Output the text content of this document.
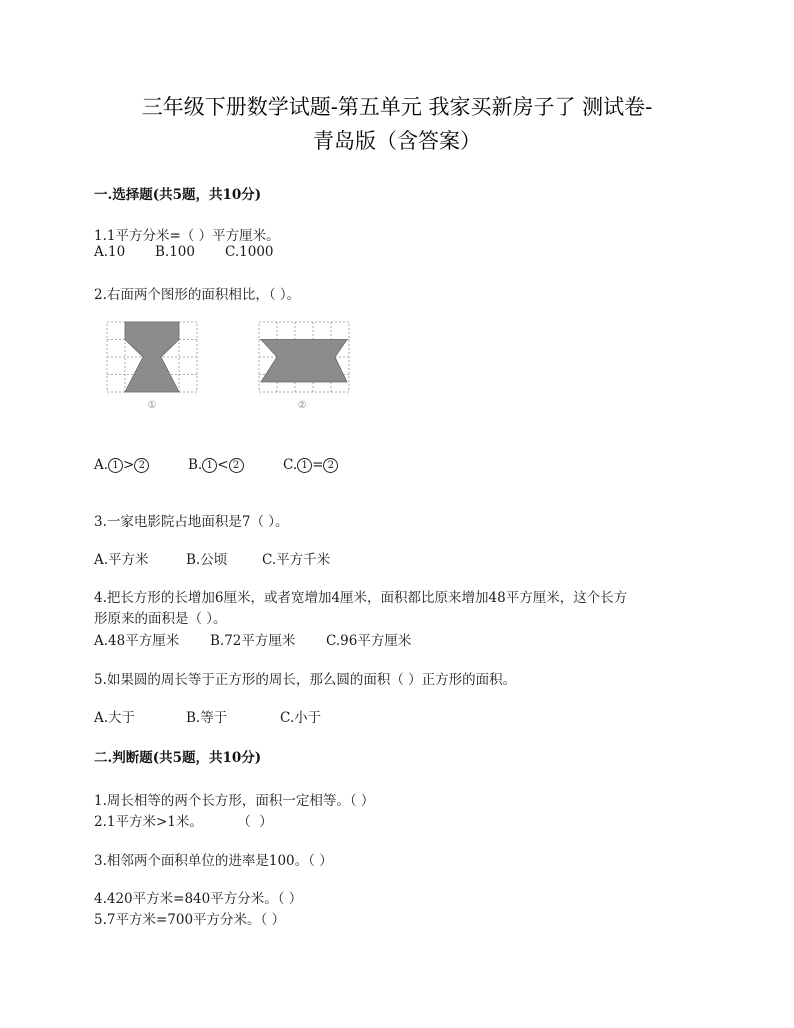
三年级下册数学试题-第五单元 我家买新房子了 测试卷-
青岛版（含答案）
一.选择题(共5题，共10分)
1.1平方分米=（ ）平方厘米。
A.10 B.100 C.1000
2.右面两个图形的面积相比，（ ）。
①	②
A. 1 > 2	B. 1 < 2	C. 1 = 2
3.一家电影院占地面积是7（ ）。
A.平方米	B.公顷	C.平方千米
4.把长方形的长增加6厘米，或者宽增加4厘米，面积都比原来增加48平方厘米，这个长方
形原来的面积是（ ）。
A.48平方厘米 B.72平方厘米 C.96平方厘米
5.如果圆的周长等于正方形的周长，那么圆的面积（ ）正方形的面积。
A.大于	B.等于	C.小于
二.判断题(共5题，共10分)
1.周长相等的两个长方形，面积一定相等。（ ）
2.1平方米>1米。        （  ）
3.相邻两个面积单位的进率是100。（ ）
4.420平方米=840平方分米。（ ）
5.7平方米=700平方分米。（ ）
